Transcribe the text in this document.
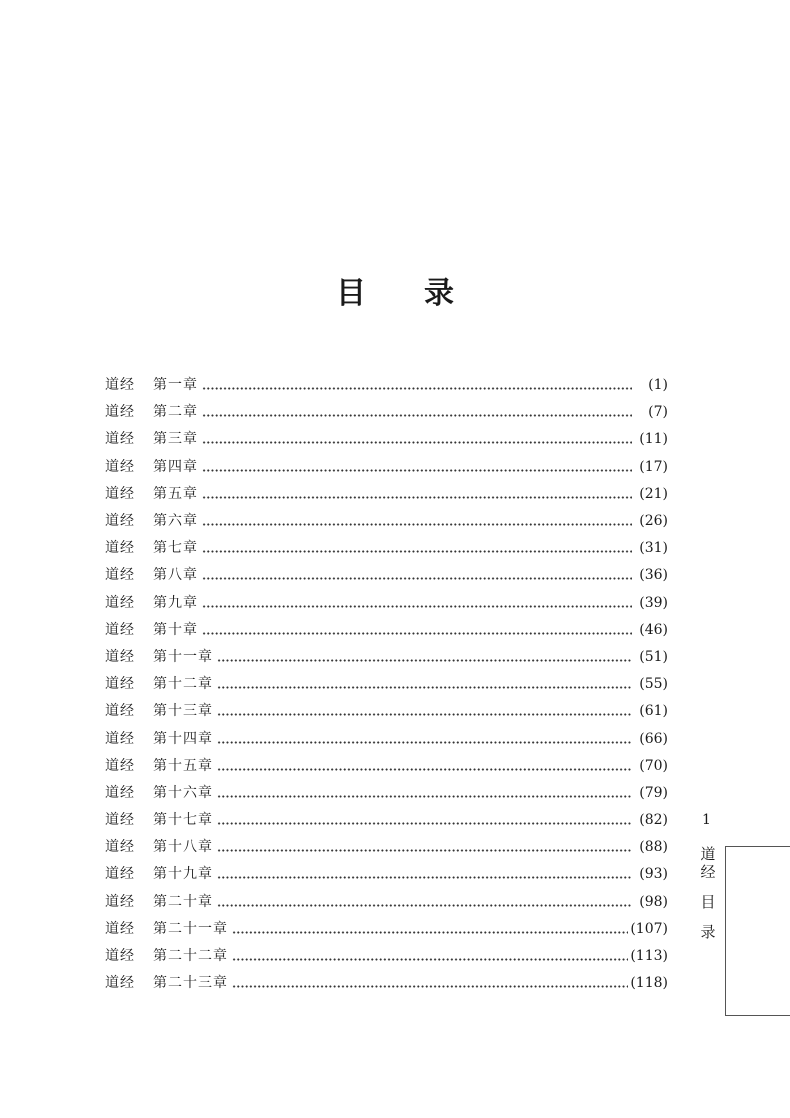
目 录
道经	第一章	(1)
道经	第二章	(7)
道经	第三章	(11)
道经	第四章	(17)
道经	第五章	(21)
道经	第六章	(26)
道经	第七章	(31)
道经	第八章	(36)
道经	第九章	(39)
道经	第十章	(46)
道经	第十一章	(51)
道经	第十二章	(55)
道经	第十三章	(61)
道经	第十四章	(66)
道经	第十五章	(70)
道经	第十六章	(79)
道经	第十七章	(82)
道经	第十八章	(88)
道经	第十九章	(93)
道经	第二十章	(98)
道经	第二十一章	(107)
道经	第二十二章	(113)
道经	第二十三章	(118)
1
道
经
目
录
